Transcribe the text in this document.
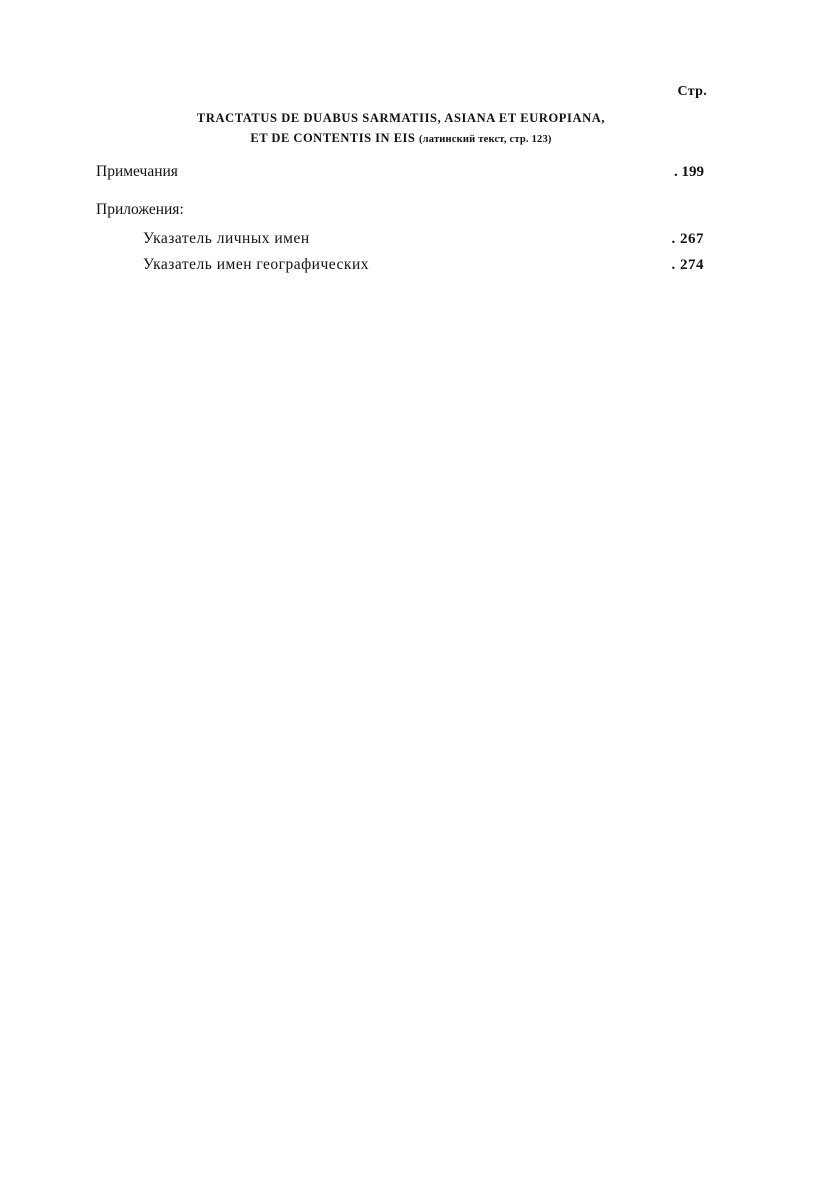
Стр.
TRACTATUS DE DUABUS SARMATIIS, ASIANA ET EUROPIANA,
ET DE CONTENTIS IN EIS (латинский текст, стр. 123)
Примечания	. 199
Приложения:
Указатель личных имен	. 267
Указатель имен географических	. 274
